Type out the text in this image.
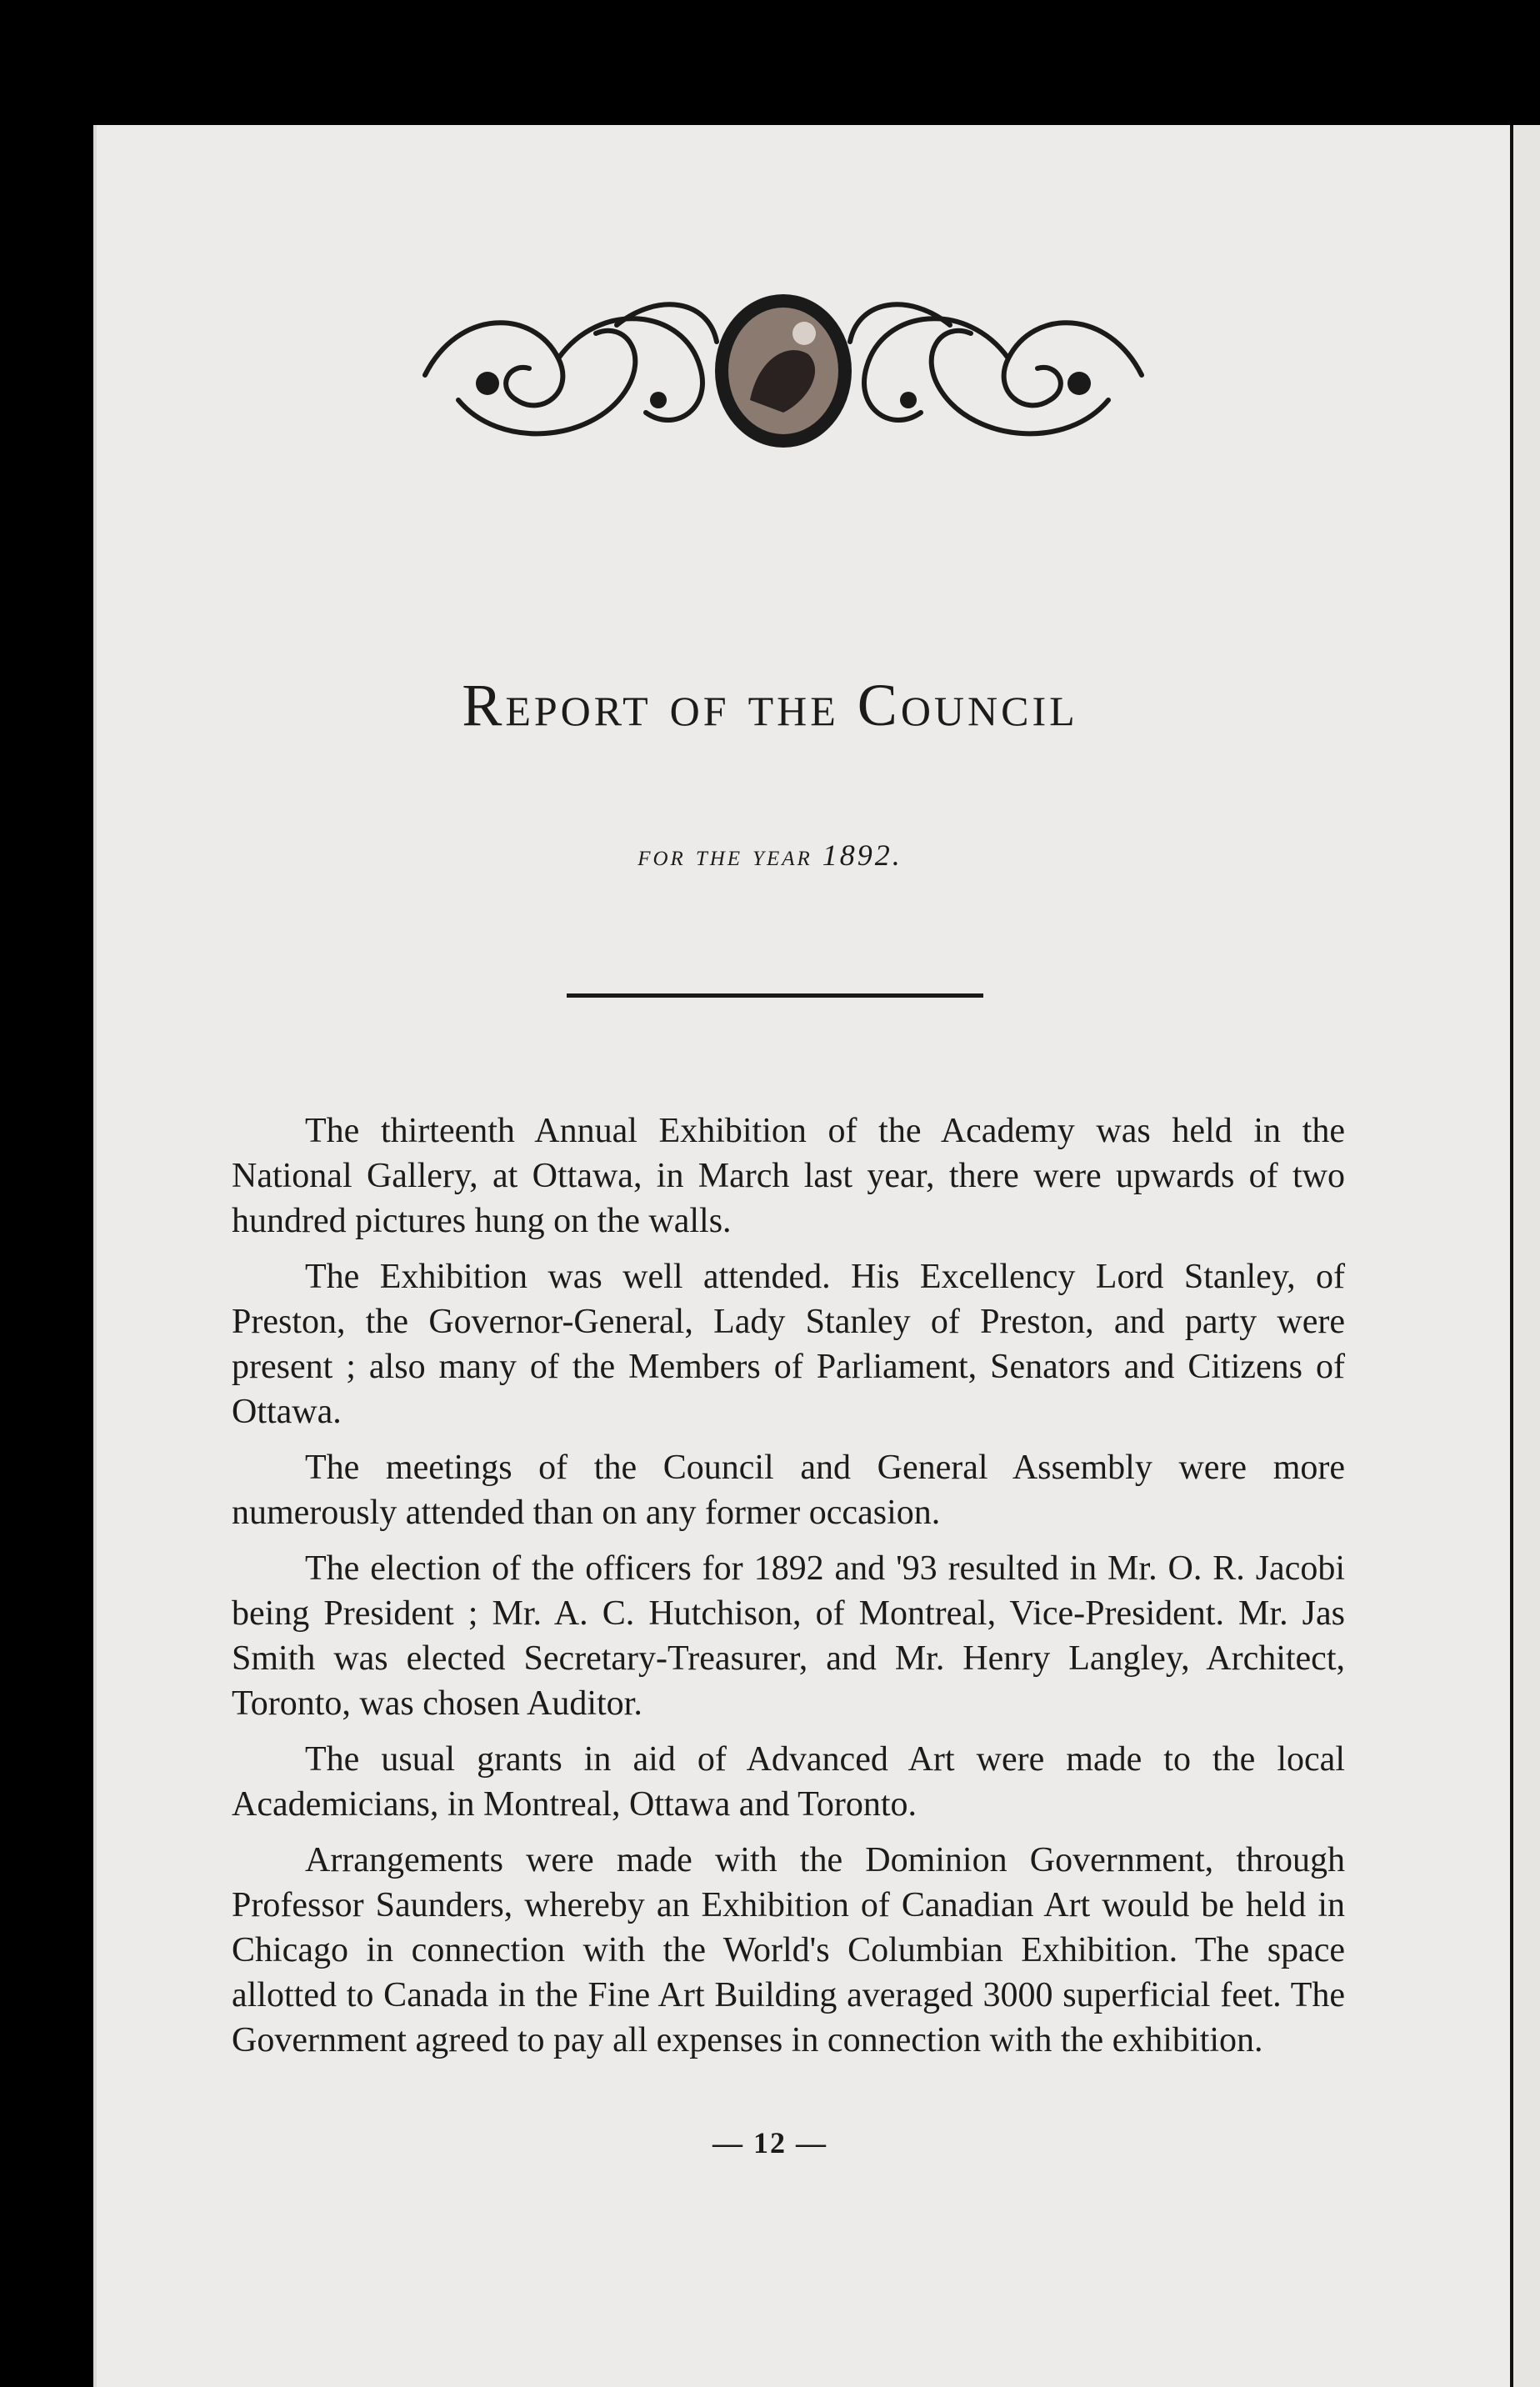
Report of the Council
for the year 1892.

The thirteenth Annual Exhibition of the Academy was held in the National Gallery, at Ottawa, in March last year, there were upwards of two hundred pictures hung on the walls.

The Exhibition was well attended. His Excellency Lord Stanley, of Preston, the Governor-General, Lady Stanley of Preston, and party were present ; also many of the Members of Parliament, Senators and Citizens of Ottawa.

The meetings of the Council and General Assembly were more numerously attended than on any former occasion.

The election of the officers for 1892 and '93 resulted in Mr. O. R. Jacobi being President ; Mr. A. C. Hutchison, of Montreal, Vice-President. Mr. Jas Smith was elected Secretary-Treasurer, and Mr. Henry Langley, Architect, Toronto, was chosen Auditor.

The usual grants in aid of Advanced Art were made to the local Academicians, in Montreal, Ottawa and Toronto.

Arrangements were made with the Dominion Government, through Professor Saunders, whereby an Exhibition of Canadian Art would be held in Chicago in connection with the World's Columbian Exhibition. The space allotted to Canada in the Fine Art Building averaged 3000 superficial feet. The Government agreed to pay all expenses in connection with the exhibition.

— 12 —
